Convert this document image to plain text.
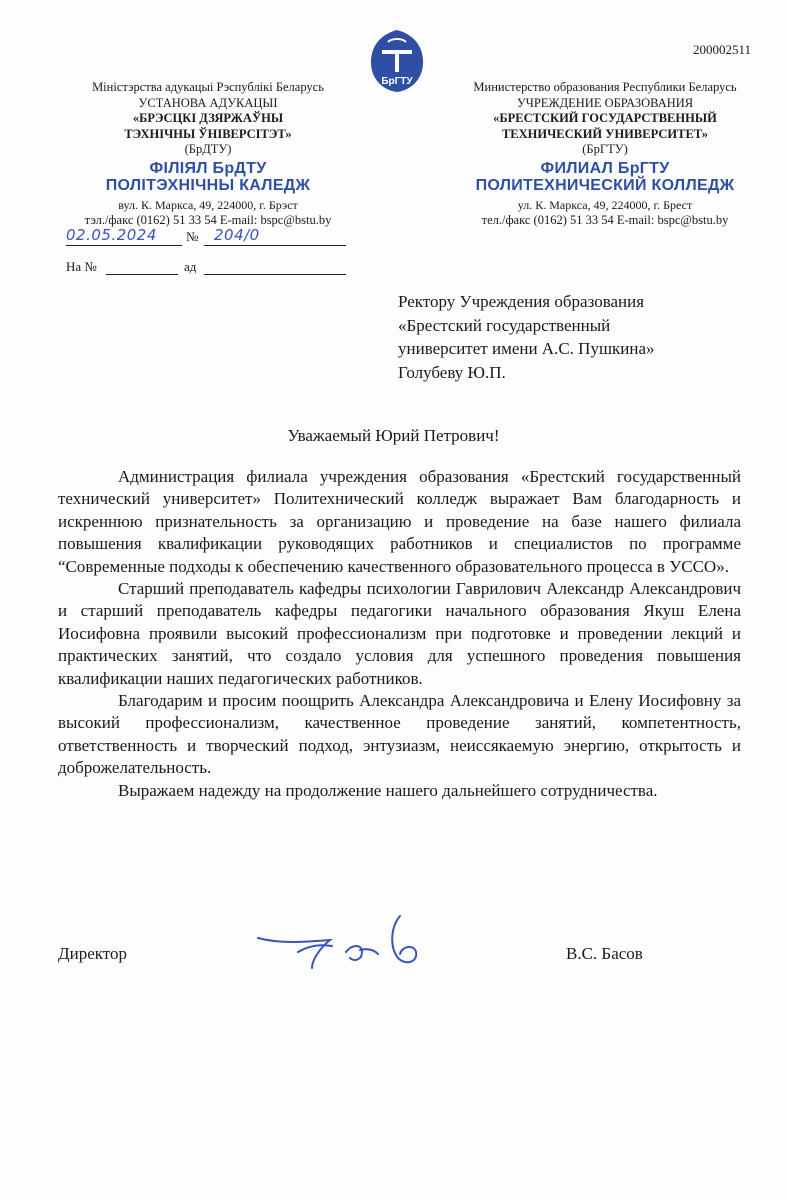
200002511
БрГТУ
Міністэрства адукацыі Рэспублікі Беларусь
УСТАНОВА АДУКАЦЫІ
«БРЭСЦКІ ДЗЯРЖАЎНЫ
ТЭХНІЧНЫ ЎНІВЕРСІТЭТ»
(БрДТУ)
ФІЛІЯЛ БрДТУ
ПОЛІТЭХНІЧНЫ КАЛЕДЖ
вул. К. Маркса, 49, 224000, г. Брэст
тэл./факс (0162) 51 33 54 E-mail: bspc@bstu.by
Министерство образования Республики Беларусь
УЧРЕЖДЕНИЕ ОБРАЗОВАНИЯ
«БРЕСТСКИЙ ГОСУДАРСТВЕННЫЙ
ТЕХНИЧЕСКИЙ УНИВЕРСИТЕТ»
(БрГТУ)
ФИЛИАЛ БрГТУ
ПОЛИТЕХНИЧЕСКИЙ КОЛЛЕДЖ
ул. К. Маркса, 49, 224000, г. Брест
тел./факс (0162) 51 33 54 E-mail: bspc@bstu.by
02.05.2024 № 204/0
На №	ад
Ректору Учреждения образования
«Брестский государственный
университет имени А.С. Пушкина»
Голубеву Ю.П.
Уважаемый Юрий Петрович!

Администрация филиала учреждения образования «Брестский государственный технический университет» Политехнический колледж выражает Вам благодарность и искреннюю признательность за организацию и проведение на базе нашего филиала повышения квалификации руководящих работников и специалистов по программе “Современные подходы к обеспечению качественного образовательного процесса в УССО».

Старший преподаватель кафедры психологии Гаврилович Александр Александрович и старший преподаватель кафедры педагогики начального образования Якуш Елена Иосифовна проявили высокий профессионализм при подготовке и проведении лекций и практических занятий, что создало условия для успешного проведения повышения квалификации наших педагогических работников.

Благодарим и просим поощрить Александра Александровича и Елену Иосифовну за высокий профессионализм, качественное проведение занятий, компетентность, ответственность и творческий подход, энтузиазм, неиссякаемую энергию, открытость и доброжелательность.

Выражаем надежду на продолжение нашего дальнейшего сотрудничества.

Директор	В.С. Басов
